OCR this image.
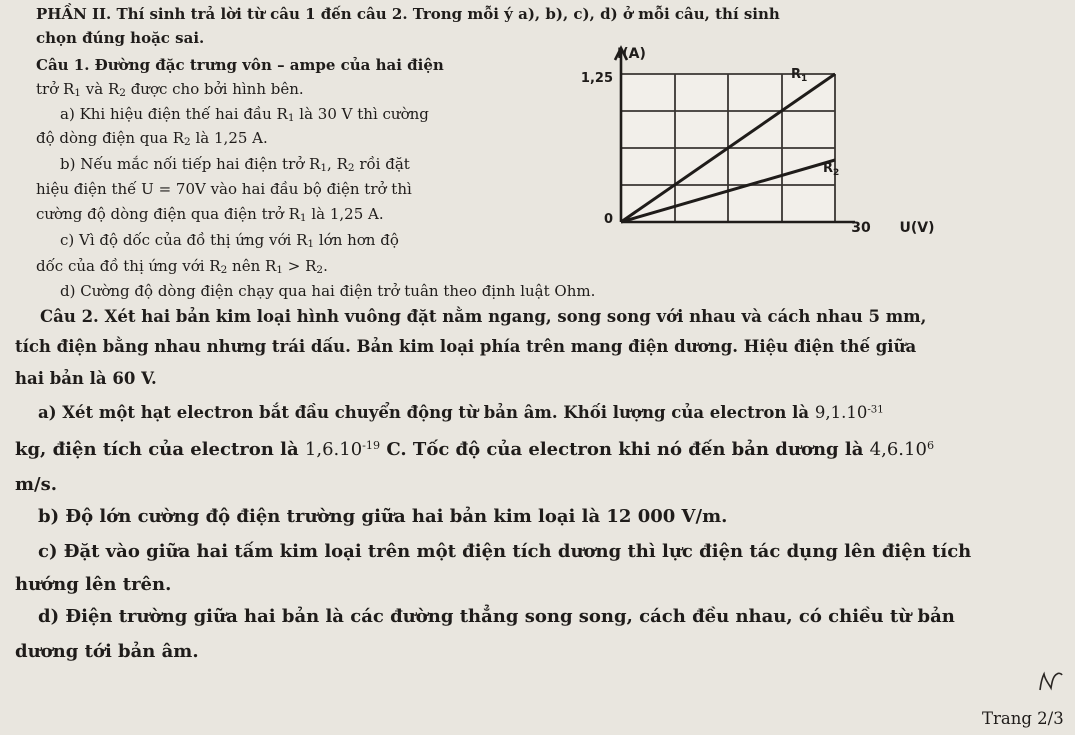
PHẦN II. Thí sinh trả lời từ câu 1 đến câu 2. Trong mỗi ý a), b), c), d) ở mỗi câu, thí sinh
chọn đúng hoặc sai.
Câu 1. Đường đặc trưng vôn – ampe của hai điện
trở $R_1$ và $R_2$ được cho bởi hình bên.
a) Khi hiệu điện thế hai đầu $R_1$ là 30 V thì cường
độ dòng điện qua $R_2$ là 1,25 A.
b) Nếu mắc nối tiếp hai điện trở $R_1$, $R_2$ rồi đặt
hiệu điện thế U = 70V vào hai đầu bộ điện trở thì
cường độ dòng điện qua điện trở $R_1$ là 1,25 A.
c) Vì độ dốc của đồ thị ứng với $R_1$ lớn hơn độ
dốc của đồ thị ứng với $R_2$ nên $R_1 > R_2$.
d) Cường độ dòng điện chạy qua hai điện trở tuân theo định luật Ohm.
I(A)
1,25
0
30 U(V)
$R_1$
$R_2$
Câu 2. Xét hai bản kim loại hình vuông đặt nằm ngang, song song với nhau và cách nhau 5 mm,
tích điện bằng nhau nhưng trái dấu. Bản kim loại phía trên mang điện dương. Hiệu điện thế giữa
hai bản là 60 V.
a) Xét một hạt electron bắt đầu chuyển động từ bản âm. Khối lượng của electron là $9,1.10^{-31}$
kg, điện tích của electron là $1,6.10^{-19}$ C. Tốc độ của electron khi nó đến bản dương là 4,6.10$^6$
m/s.
b) Độ lớn cường độ điện trường giữa hai bản kim loại là 12 000 V/m.
c) Đặt vào giữa hai tấm kim loại trên một điện tích dương thì lực điện tác dụng lên điện tích
hướng lên trên.
d) Điện trường giữa hai bản là các đường thẳng song song, cách đều nhau, có chiều từ bản
dương tới bản âm.
Trang 2/3
